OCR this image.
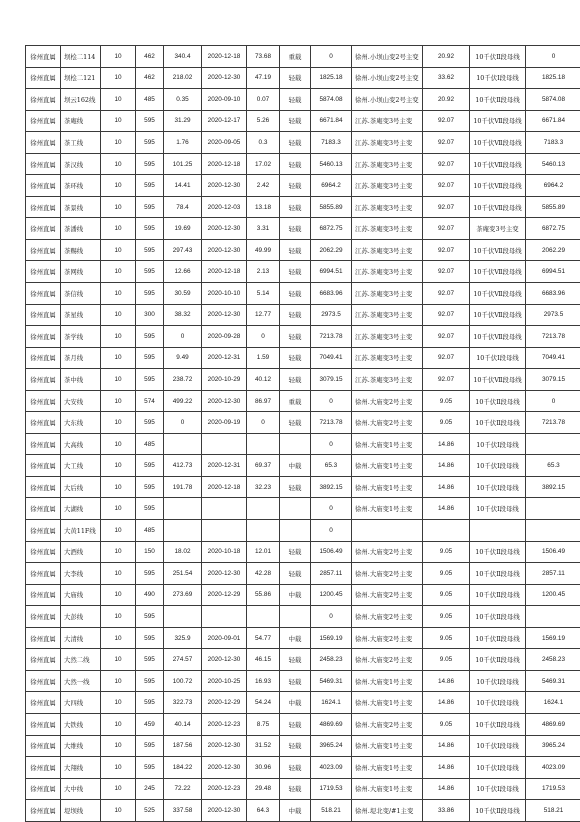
徐州直属	坝桧二114	10	462	340.4	2020-12-18	73.68	重载	0	徐州.小坝山变2号主变	20.92	10千伏Ⅱ段母线	0
徐州直属	坝桧二121	10	462	218.02	2020-12-30	47.19	轻载	1825.18	徐州.小坝山变2号主变	33.62	10千伏Ⅰ段母线	1825.18
徐州直属	坝云162线	10	485	0.35	2020-09-10	0.07	轻载	5874.08	徐州.小坝山变2号主变	20.92	10千伏Ⅱ段母线	5874.08
徐州直属	茶庵线	10	595	31.29	2020-12-17	5.26	轻载	6671.84	江苏.茶庵变3号主变	92.07	10千伏Ⅶ段母线	6671.84
徐州直属	茶工线	10	595	1.76	2020-09-05	0.3	轻载	7183.3	江苏.茶庵变3号主变	92.07	10千伏Ⅶ段母线	7183.3
徐州直属	茶汉线	10	595	101.25	2020-12-18	17.02	轻载	5460.13	江苏.茶庵变3号主变	92.07	10千伏Ⅶ段母线	5460.13
徐州直属	茶环线	10	595	14.41	2020-12-30	2.42	轻载	6964.2	江苏.茶庵变3号主变	92.07	10千伏Ⅶ段母线	6964.2
徐州直属	茶景线	10	595	78.4	2020-12-03	13.18	轻载	5855.89	江苏.茶庵变3号主变	92.07	10千伏Ⅶ段母线	5855.89
徐州直属	茶潘线	10	595	19.69	2020-12-30	3.31	轻载	6872.75	江苏.茶庵变3号主变	92.07	茶庵变3号主变	6872.75
徐州直属	茶赐线	10	595	297.43	2020-12-30	49.99	轻载	2062.29	江苏.茶庵变3号主变	92.07	10千伏Ⅶ段母线	2062.29
徐州直属	茶网线	10	595	12.66	2020-12-18	2.13	轻载	6994.51	江苏.茶庵变3号主变	92.07	10千伏Ⅶ段母线	6994.51
徐州直属	茶信线	10	595	30.59	2020-10-10	5.14	轻载	6683.96	江苏.茶庵变3号主变	92.07	10千伏Ⅶ段母线	6683.96
徐州直属	茶星线	10	300	38.32	2020-12-30	12.77	轻载	2973.5	江苏.茶庵变3号主变	92.07	10千伏Ⅶ段母线	2973.5
徐州直属	茶学线	10	595	0	2020-09-28	0	轻载	7213.78	江苏.茶庵变3号主变	92.07	10千伏Ⅶ段母线	7213.78
徐州直属	茶月线	10	595	9.49	2020-12-31	1.59	轻载	7049.41	江苏.茶庵变3号主变	92.07	10千伏Ⅰ段母线	7049.41
徐州直属	茶中线	10	595	238.72	2020-10-29	40.12	轻载	3079.15	江苏.茶庵变3号主变	92.07	10千伏Ⅶ段母线	3079.15
徐州直属	大安线	10	574	499.22	2020-12-30	86.97	重载	0	徐州.大庙变2号主变	9.05	10千伏Ⅱ段母线	0
徐州直属	大东线	10	595	0	2020-09-19	0	轻载	7213.78	徐州.大庙变2号主变	9.05	10千伏Ⅱ段母线	7213.78
徐州直属	大高线	10	485					0	徐州.大庙变1号主变	14.86	10千伏Ⅰ段母线	
徐州直属	大工线	10	595	412.73	2020-12-31	69.37	中载	65.3	徐州.大庙变1号主变	14.86	10千伏Ⅰ段母线	65.3
徐州直属	大后线	10	595	191.78	2020-12-18	32.23	轻载	3892.15	徐州.大庙变1号主变	14.86	10千伏Ⅰ段母线	3892.15
徐州直属	大湖线	10	595					0	徐州.大庙变1号主变	14.86	10千伏Ⅰ段母线	
徐州直属	大黄11F线	10	485					0				
徐州直属	大酒线	10	150	18.02	2020-10-18	12.01	轻载	1506.49	徐州.大庙变2号主变	9.05	10千伏Ⅱ段母线	1506.49
徐州直属	大李线	10	595	251.54	2020-12-30	42.28	轻载	2857.11	徐州.大庙变2号主变	9.05	10千伏Ⅱ段母线	2857.11
徐州直属	大庙线	10	490	273.69	2020-12-29	55.86	中载	1200.45	徐州.大庙变2号主变	9.05	10千伏Ⅱ段母线	1200.45
徐州直属	大彭线	10	595					0	徐州.大庙变2号主变	9.05	10千伏Ⅱ段母线	
徐州直属	大清线	10	595	325.9	2020-09-01	54.77	中载	1569.19	徐州.大庙变2号主变	9.05	10千伏Ⅱ段母线	1569.19
徐州直属	大然二线	10	595	274.57	2020-12-30	46.15	轻载	2458.23	徐州.大庙变2号主变	9.05	10千伏Ⅱ段母线	2458.23
徐州直属	大然一线	10	595	100.72	2020-10-25	16.93	轻载	5469.31	徐州.大庙变1号主变	14.86	10千伏Ⅰ段母线	5469.31
徐州直属	大四线	10	595	322.73	2020-12-29	54.24	中载	1624.1	徐州.大庙变1号主变	14.86	10千伏Ⅰ段母线	1624.1
徐州直属	大铁线	10	459	40.14	2020-12-23	8.75	轻载	4869.69	徐州.大庙变2号主变	9.05	10千伏Ⅱ段母线	4869.69
徐州直属	大维线	10	595	187.56	2020-12-30	31.52	轻载	3965.24	徐州.大庙变1号主变	14.86	10千伏Ⅰ段母线	3965.24
徐州直属	大翔线	10	595	184.22	2020-12-30	30.96	轻载	4023.09	徐州.大庙变1号主变	14.86	10千伏Ⅰ段母线	4023.09
徐州直属	大中线	10	245	72.22	2020-12-23	29.48	轻载	1719.53	徐州.大庙变1号主变	14.86	10千伏Ⅰ段母线	1719.53
徐州直属	堤坝线	10	525	337.58	2020-12-30	64.3	中载	518.21	徐州.堤北变/#1主变	33.86	10千伏Ⅱ段母线	518.21
